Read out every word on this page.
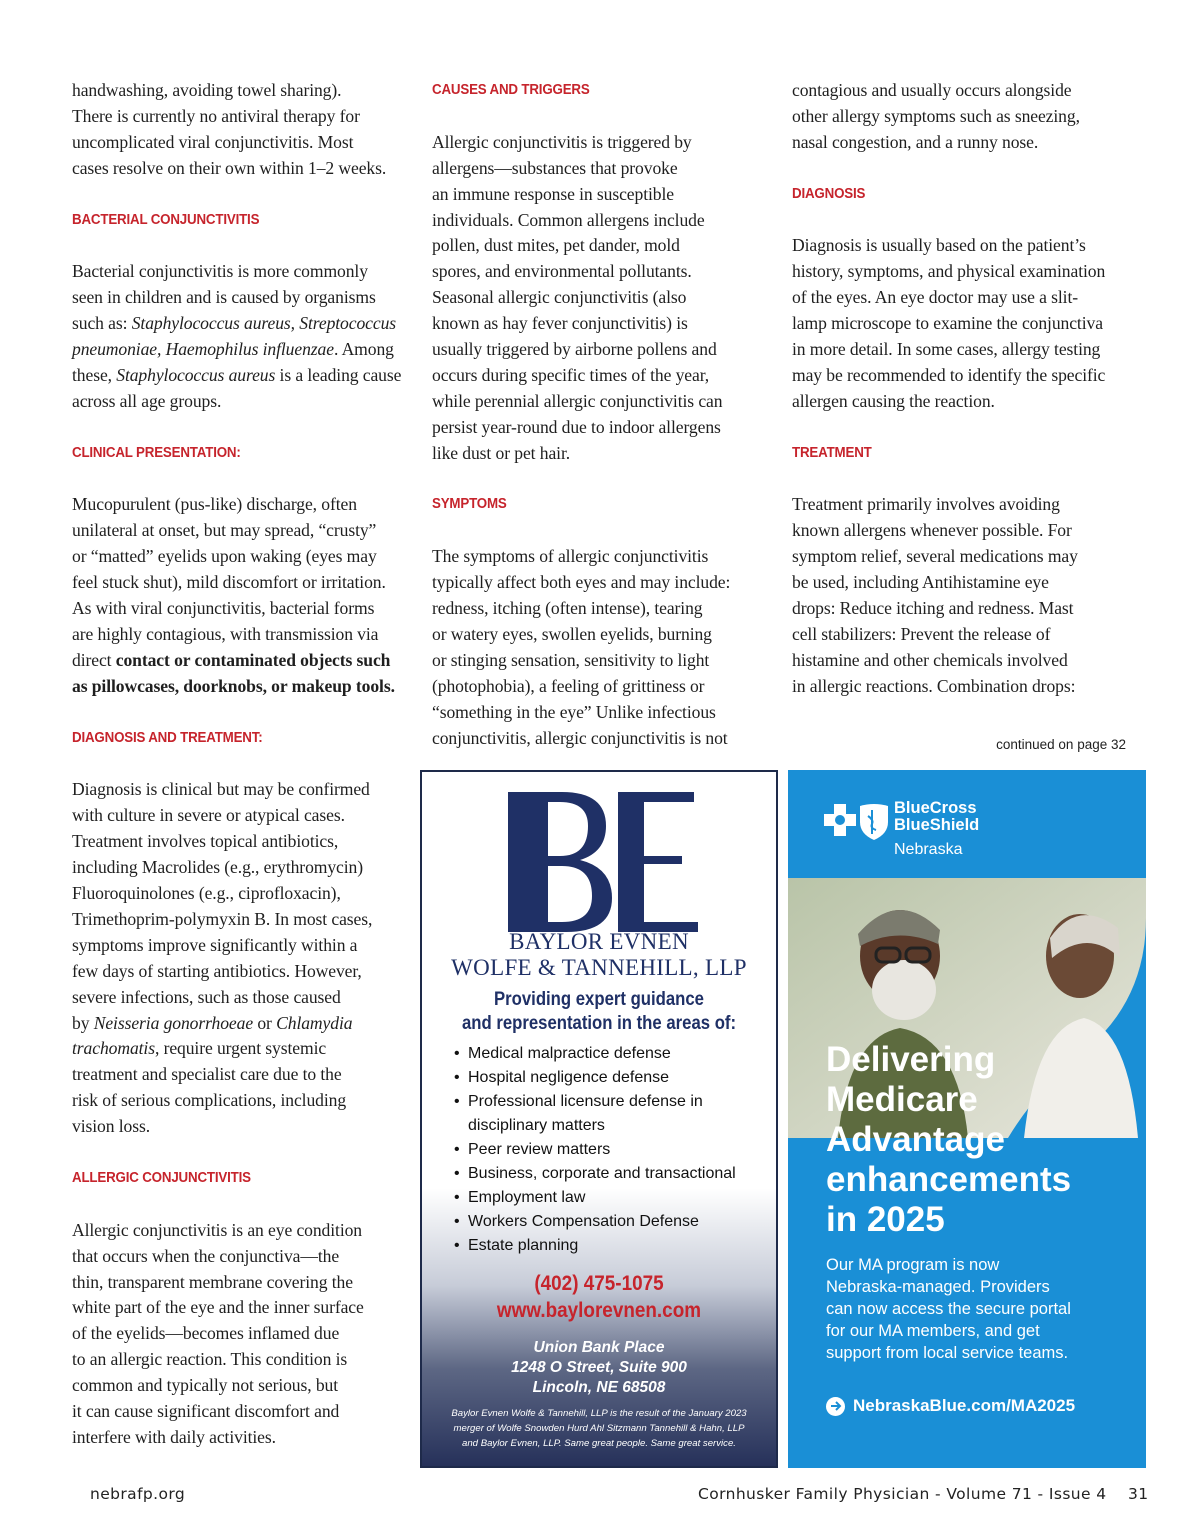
handwashing, avoiding towel sharing).

There is currently no antiviral therapy for

uncomplicated viral conjunctivitis. Most

cases resolve on their own within 1–2 weeks.

BACTERIAL CONJUNCTIVITIS

Bacterial conjunctivitis is more commonly

seen in children and is caused by organisms

such as: Staphylococcus aureus, Streptococcus

pneumoniae, Haemophilus influenzae. Among

these, Staphylococcus aureus is a leading cause

across all age groups.

CLINICAL PRESENTATION:

Mucopurulent (pus-like) discharge, often

unilateral at onset, but may spread, “crusty”

or “matted” eyelids upon waking (eyes may

feel stuck shut), mild discomfort or irritation.

As with viral conjunctivitis, bacterial forms

are highly contagious, with transmission via

direct contact or contaminated objects such

as pillowcases, doorknobs, or makeup tools.

DIAGNOSIS AND TREATMENT:

Diagnosis is clinical but may be confirmed

with culture in severe or atypical cases.

Treatment involves topical antibiotics,

including Macrolides (e.g., erythromycin)

Fluoroquinolones (e.g., ciprofloxacin),

Trimethoprim-polymyxin B. In most cases,

symptoms improve significantly within a

few days of starting antibiotics. However,

severe infections, such as those caused

by Neisseria gonorrhoeae or Chlamydia

trachomatis, require urgent systemic

treatment and specialist care due to the

risk of serious complications, including

vision loss.

ALLERGIC CONJUNCTIVITIS

Allergic conjunctivitis is an eye condition

that occurs when the conjunctiva—the

thin, transparent membrane covering the

white part of the eye and the inner surface

of the eyelids—becomes inflamed due

to an allergic reaction. This condition is

common and typically not serious, but

it can cause significant discomfort and

interfere with daily activities.

CAUSES AND TRIGGERS

Allergic conjunctivitis is triggered by

allergens—substances that provoke

an immune response in susceptible

individuals. Common allergens include

pollen, dust mites, pet dander, mold

spores, and environmental pollutants.

Seasonal allergic conjunctivitis (also

known as hay fever conjunctivitis) is

usually triggered by airborne pollens and

occurs during specific times of the year,

while perennial allergic conjunctivitis can

persist year-round due to indoor allergens

like dust or pet hair.

SYMPTOMS

The symptoms of allergic conjunctivitis

typically affect both eyes and may include:

redness, itching (often intense), tearing

or watery eyes, swollen eyelids, burning

or stinging sensation, sensitivity to light

(photophobia), a feeling of grittiness or

“something in the eye” Unlike infectious

conjunctivitis, allergic conjunctivitis is not

contagious and usually occurs alongside

other allergy symptoms such as sneezing,

nasal congestion, and a runny nose.

DIAGNOSIS

Diagnosis is usually based on the patient’s

history, symptoms, and physical examination

of the eyes. An eye doctor may use a slit-

lamp microscope to examine the conjunctiva

in more detail. In some cases, allergy testing

may be recommended to identify the specific

allergen causing the reaction.

TREATMENT

Treatment primarily involves avoiding

known allergens whenever possible. For

symptom relief, several medications may

be used, including Antihistamine eye

drops: Reduce itching and redness. Mast

cell stabilizers: Prevent the release of

histamine and other chemicals involved

in allergic reactions. Combination drops:

continued on page 32
BAYLOR EVNEN
WOLFE & TANNEHILL, LLP
Providing expert guidance
and representation in the areas of:
• Medical malpractice defense
• Hospital negligence defense
• Professional licensure defense in
disciplinary matters
• Peer review matters
• Business, corporate and transactional
• Employment law
• Workers Compensation Defense
• Estate planning
(402) 475-1075
www.baylorevnen.com
Union Bank Place
1248 O Street, Suite 900
Lincoln, NE 68508
Baylor Evnen Wolfe & Tannehill, LLP is the result of the January 2023
merger of Wolfe Snowden Hurd Ahl Sitzmann Tannehill & Hahn, LLP
and Baylor Evnen, LLP. Same great people. Same great service.
BlueCross
BlueShield
Nebraska
Delivering
Medicare
Advantage
enhancements
in 2025
Our MA program is now
Nebraska-managed. Providers
can now access the secure portal
for our MA members, and get
support from local service teams.
NebraskaBlue.com/MA2025
nebrafp.org	Cornhusker Family Physician - Volume 71 - Issue 4 31
